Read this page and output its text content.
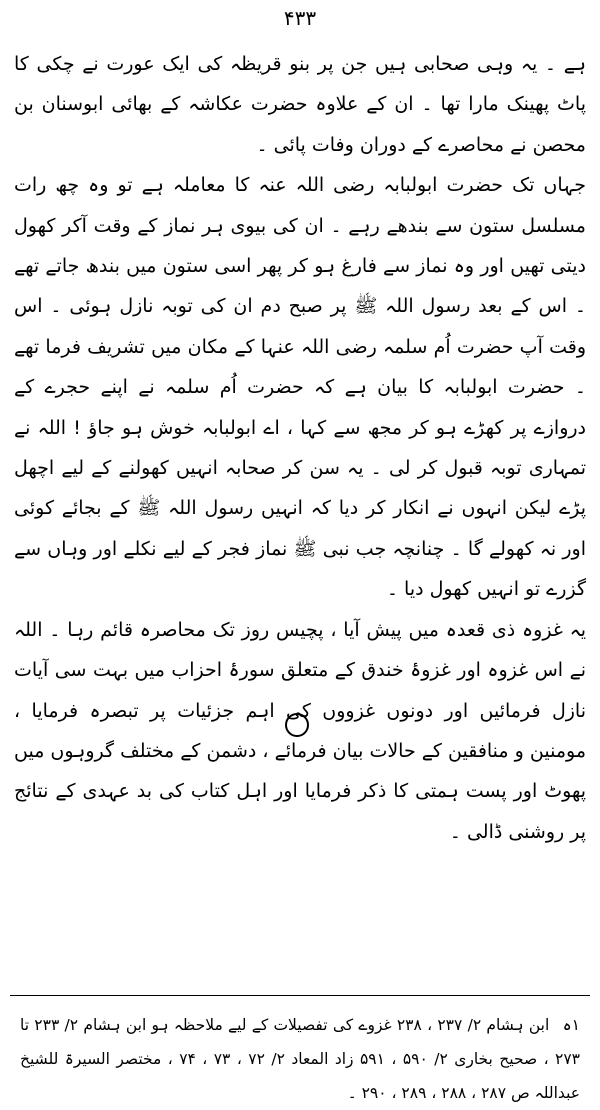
۴۳۳

ہے ۔ یہ وہی صحابی ہیں جن پر بنو قریظہ کی ایک عورت نے چکی کا پاٹ پھینک مارا تھا ۔ ان کے علاوہ حضرت عکاشہ کے بھائی ابوسنان بن محصن نے محاصرے کے دوران وفات پائی ۔

جہاں تک حضرت ابولبابہ رضی اللہ عنہ کا معاملہ ہے تو وہ چھ رات مسلسل ستون سے بندھے رہے ۔ ان کی بیوی ہر نماز کے وقت آکر کھول دیتی تھیں اور وہ نماز سے فارغ ہو کر پھر اسی ستون میں بندھ جاتے تھے ۔ اس کے بعد رسول اللہ ﷺ پر صبح دم ان کی توبہ نازل ہوئی ۔ اس وقت آپ حضرت اُم سلمہ رضی اللہ عنہا کے مکان میں تشریف فرما تھے ۔ حضرت ابولبابہ کا بیان ہے کہ حضرت اُم سلمہ نے اپنے حجرے کے دروازے پر کھڑے ہو کر مجھ سے کہا ، اے ابولبابہ خوش ہو جاؤ ! اللہ نے تمہاری توبہ قبول کر لی ۔ یہ سن کر صحابہ انہیں کھولنے کے لیے اچھل پڑے لیکن انہوں نے انکار کر دیا کہ انہیں رسول اللہ ﷺ کے بجائے کوئی اور نہ کھولے گا ۔ چنانچہ جب نبی ﷺ نماز فجر کے لیے نکلے اور وہاں سے گزرے تو انہیں کھول دیا ۔

یہ غزوہ ذی قعدہ میں پیش آیا ، پچیس روز تک محاصرہ قائم رہا ۔ اللہ نے اس غزوہ اور غزوۂ خندق کے متعلق سورۂ احزاب میں بہت سی آیات نازل فرمائیں اور دونوں غزووں کی اہم جزئیات پر تبصرہ فرمایا ، مومنین و منافقین کے حالات بیان فرمائے ، دشمن کے مختلف گروہوں میں پھوٹ اور پست ہمتی کا ذکر فرمایا اور اہل کتاب کی بد عہدی کے نتائج پر روشنی ڈالی ۔

۱ہ ابن ہشام ۲/ ۲۳۷ ، ۲۳۸ غزوے کی تفصیلات کے لیے ملاحظہ ہو ابن ہشام ۲/ ۲۳۳ تا ۲۷۳ ، صحیح بخاری ۲/ ۵۹۰ ، ۵۹۱ زاد المعاد ۲/ ۷۲ ، ۷۳ ، ۷۴ ، مختصر السیرۃ للشیخ عبداللہ ص ۲۸۷ ، ۲۸۸ ، ۲۸۹ ، ۲۹۰ ۔
